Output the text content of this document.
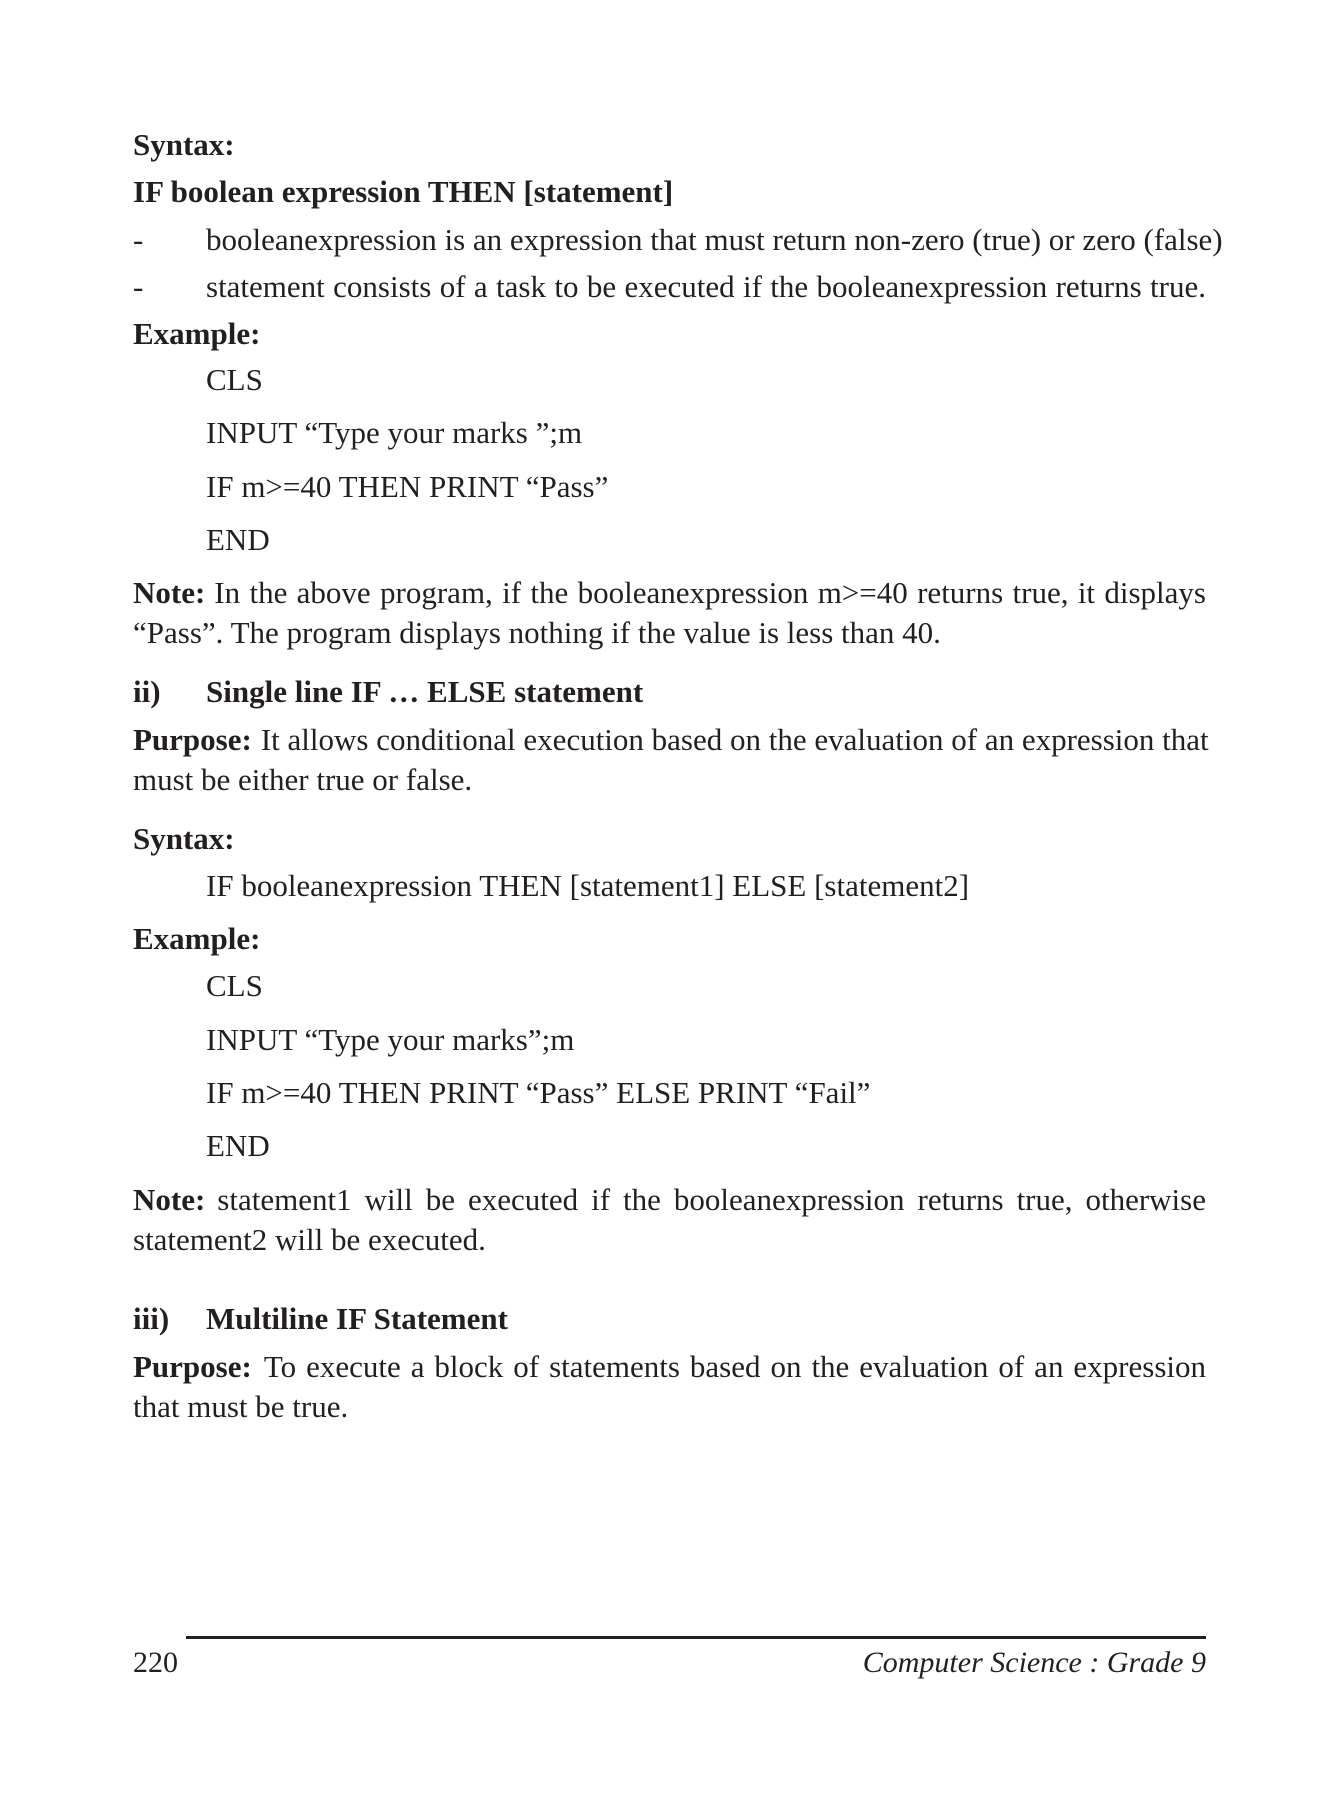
Syntax:
IF boolean expression THEN [statement]
- booleanexpression is an expression that must return non-zero (true) or zero (false)
- statement consists of a task to be executed if the booleanexpression returns true.
Example:
CLS
INPUT “Type your marks ”;m
IF m>=40 THEN PRINT “Pass”
END
Note: In the above program, if the booleanexpression m>=40 returns true, it displays
“Pass”. The program displays nothing if the value is less than 40.
ii) Single line IF … ELSE statement
Purpose: It allows conditional execution based on the evaluation of an expression that
must be either true or false.
Syntax:
IF booleanexpression THEN [statement1] ELSE [statement2]
Example:
CLS
INPUT “Type your marks”;m
IF m>=40 THEN PRINT “Pass” ELSE PRINT “Fail”
END
Note: statement1 will be executed if the booleanexpression returns true, otherwise
statement2 will be executed.
iii) Multiline IF Statement
Purpose: To execute a block of statements based on the evaluation of an expression
that must be true.
220	Computer Science : Grade 9
